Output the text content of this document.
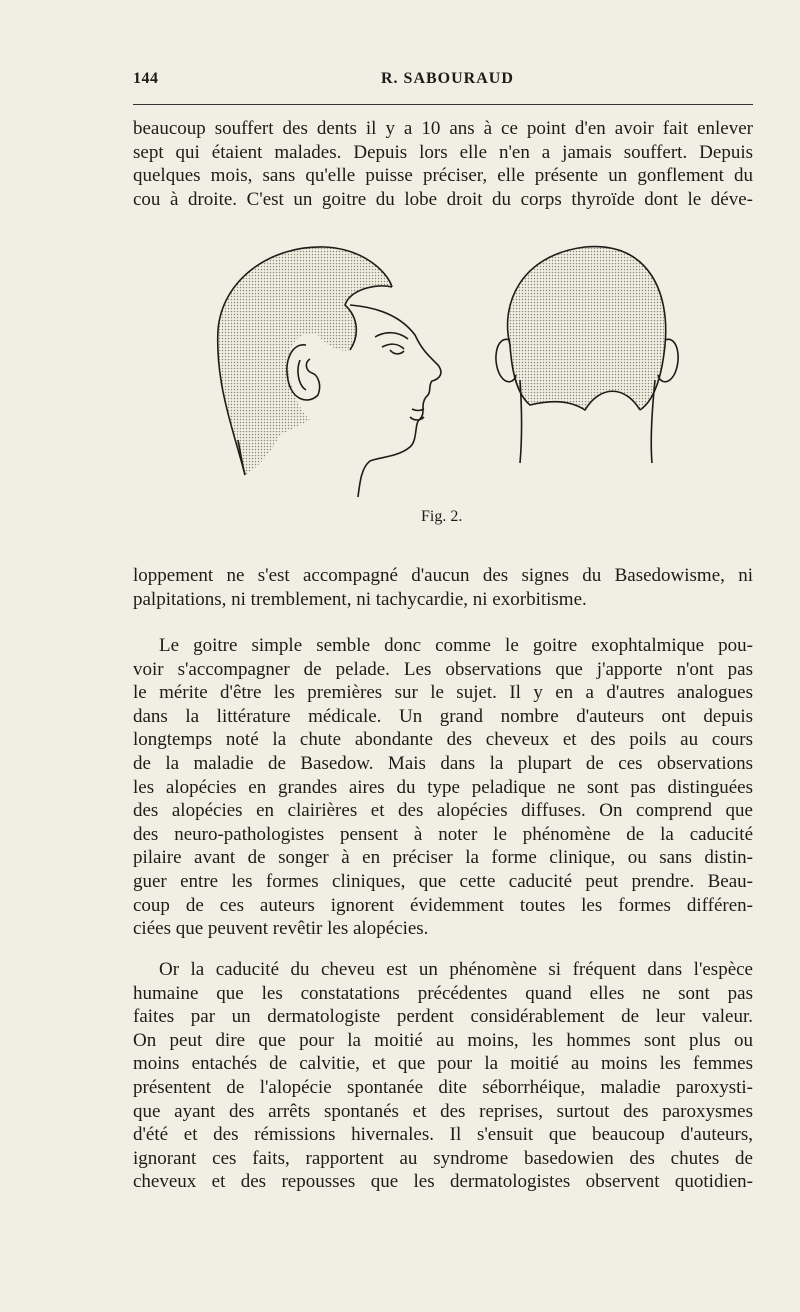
144	R. SABOURAUD
beaucoup souffert des dents il y a 10 ans à ce point d'en avoir fait enlever
sept qui étaient malades. Depuis lors elle n'en a jamais souffert. Depuis
quelques mois, sans qu'elle puisse préciser, elle présente un gonflement du
cou à droite. C'est un goitre du lobe droit du corps thyroïde dont le déve-
Fig. 2.
loppement ne s'est accompagné d'aucun des signes du Basedowisme, ni
palpitations, ni tremblement, ni tachycardie, ni exorbitisme.
Le goitre simple semble donc comme le goitre exophtalmique pou-
voir s'accompagner de pelade. Les observations que j'apporte n'ont pas
le mérite d'être les premières sur le sujet. Il y en a d'autres analogues
dans la littérature médicale. Un grand nombre d'auteurs ont depuis
longtemps noté la chute abondante des cheveux et des poils au cours
de la maladie de Basedow. Mais dans la plupart de ces observations
les alopécies en grandes aires du type peladique ne sont pas distinguées
des alopécies en clairières et des alopécies diffuses. On comprend que
des neuro-pathologistes pensent à noter le phénomène de la caducité
pilaire avant de songer à en préciser la forme clinique, ou sans distin-
guer entre les formes cliniques, que cette caducité peut prendre. Beau-
coup de ces auteurs ignorent évidemment toutes les formes différen-
ciées que peuvent revêtir les alopécies.
Or la caducité du cheveu est un phénomène si fréquent dans l'espèce
humaine que les constatations précédentes quand elles ne sont pas
faites par un dermatologiste perdent considérablement de leur valeur.
On peut dire que pour la moitié au moins, les hommes sont plus ou
moins entachés de calvitie, et que pour la moitié au moins les femmes
présentent de l'alopécie spontanée dite séborrhéique, maladie paroxysti-
que ayant des arrêts spontanés et des reprises, surtout des paroxysmes
d'été et des rémissions hivernales. Il s'ensuit que beaucoup d'auteurs,
ignorant ces faits, rapportent au syndrome basedowien des chutes de
cheveux et des repousses que les dermatologistes observent quotidien-
